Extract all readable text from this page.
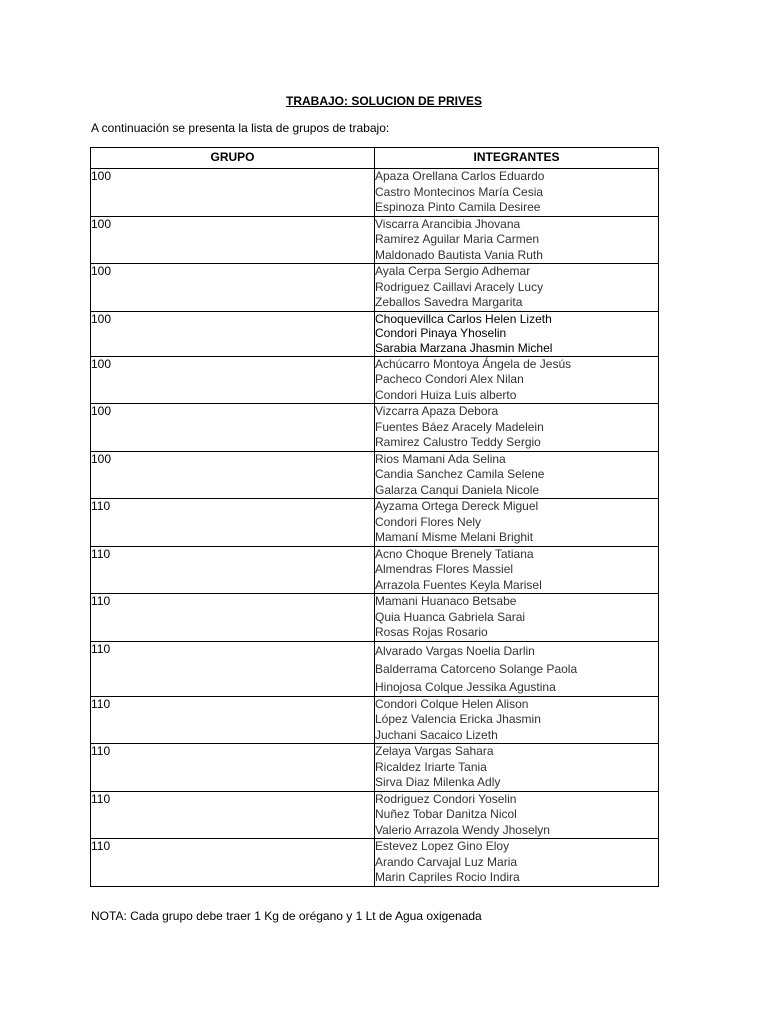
TRABAJO: SOLUCION DE PRIVES
A continuación se presenta la lista de grupos de trabajo:
GRUPO	INTEGRANTES
100	Apaza Orellana Carlos Eduardo
Castro Montecinos María Cesia
Espinoza Pinto Camila Desiree

100	Viscarra Arancibia Jhovana
Ramirez Aguilar Maria Carmen
Maldonado Bautista Vania Ruth

100	Ayala Cerpa Sergio Adhemar
Rodriguez Caillavi Aracely Lucy
Zeballos Savedra Margarita

100	Choquevillca Carlos Helen Lizeth
Condori Pinaya Yhoselin
Sarabia Marzana Jhasmin Michel

100	Achúcarro Montoya Ángela de Jesús
Pacheco Condori Alex Nilan
Condori Huiza Luis alberto

100	Vizcarra Apaza Debora
Fuentes Báez Aracely Madelein
Ramirez Calustro Teddy Sergio

100	Rios Mamani Ada Selina
Candia Sanchez Camila Selene
Galarza Canqui Daniela Nicole

110	Ayzama Ortega Dereck Miguel
Condori Flores Nely
Mamaní Misme Melani Brighit

110	Acno Choque Brenely Tatiana
Almendras Flores Massiel
Arrazola Fuentes Keyla Marisel

110	Mamani Huanaco Betsabe
Quia Huanca Gabriela Sarai
Rosas Rojas Rosario

110	Alvarado Vargas Noelia Darlin
Balderrama Catorceno Solange Paola
Hinojosa Colque Jessika Agustina

110	Condori Colque Helen Alison
López Valencia Ericka Jhasmin
Juchani Sacaico Lizeth

110	Zelaya Vargas Sahara
Ricaldez Iriarte Tania
Sirva Diaz Milenka Adly

110	Rodriguez Condori Yoselin
Nuñez Tobar Danitza Nicol
Valerio Arrazola Wendy Jhoselyn

110	Estevez Lopez Gino Eloy
Arando Carvajal Luz Maria
Marin Capriles Rocio Indira
NOTA: Cada grupo debe traer 1 Kg de orégano y 1 Lt de Agua oxigenada
